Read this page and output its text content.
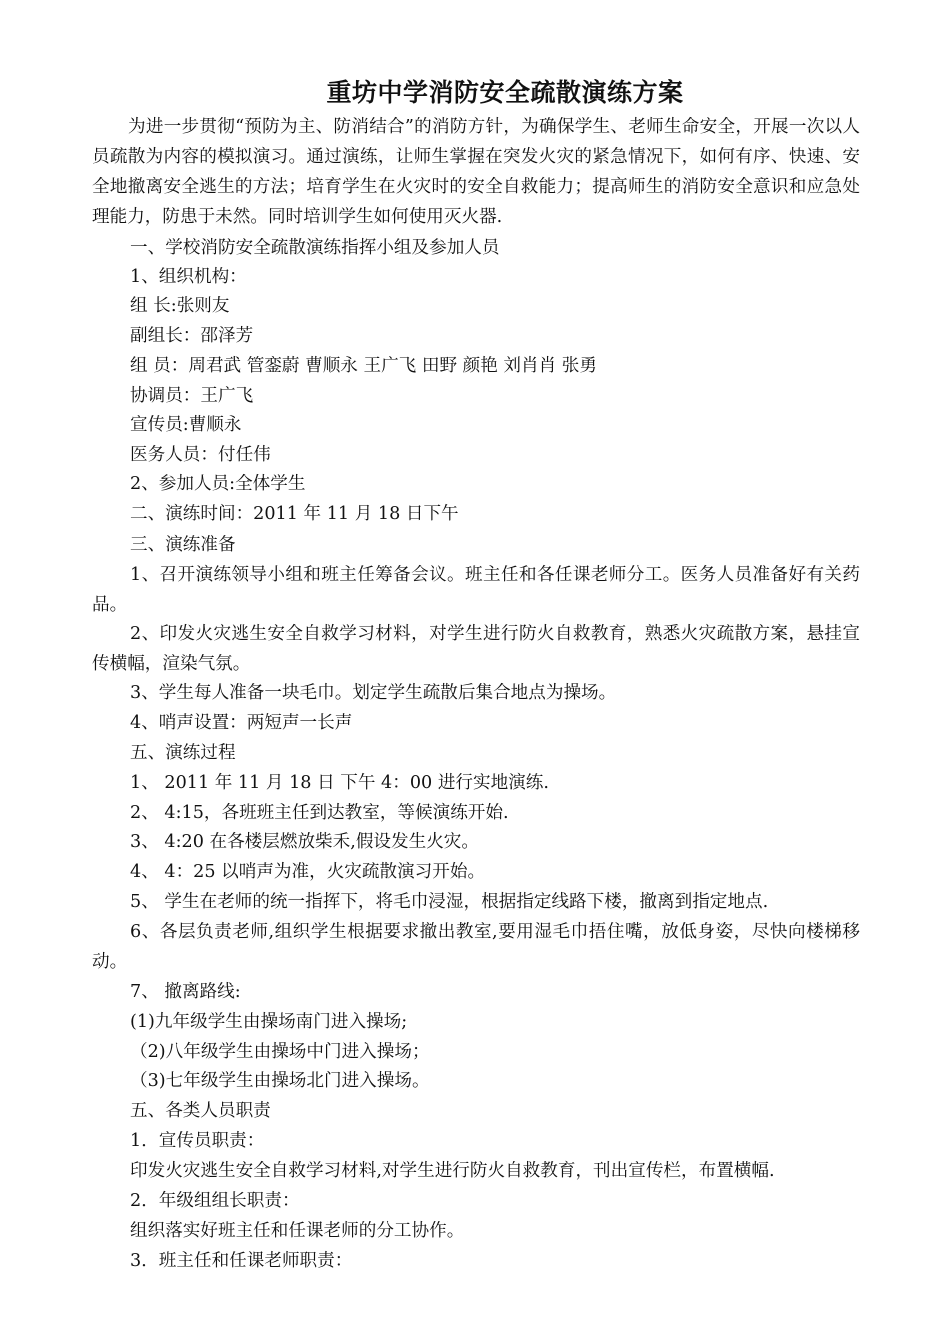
重坊中学消防安全疏散演练方案

为进一步贯彻“预防为主、防消结合”的消防方针，为确保学生、老师生命安全，开展一次以人员疏散为内容的模拟演习。通过演练，让师生掌握在突发火灾的紧急情况下，如何有序、快速、安全地撤离安全逃生的方法；培育学生在火灾时的安全自救能力；提高师生的消防安全意识和应急处理能力，防患于未然。同时培训学生如何使用灭火器.

一、学校消防安全疏散演练指挥小组及参加人员

1、组织机构：

组 长:张则友

副组长：邵泽芳

组 员：周君武 管銮蔚 曹顺永 王广飞 田野 颜艳 刘肖肖 张勇

协调员：王广飞

宣传员:曹顺永

医务人员：付任伟

2、参加人员:全体学生

二、演练时间：2011 年 11 月 18 日下午

三、演练准备

1、召开演练领导小组和班主任筹备会议。班主任和各任课老师分工。医务人员准备好有关药品。

2、印发火灾逃生安全自救学习材料，对学生进行防火自救教育，熟悉火灾疏散方案，悬挂宣传横幅，渲染气氛。

3、学生每人准备一块毛巾。划定学生疏散后集合地点为操场。

4、哨声设置：两短声一长声

五、演练过程

1、 2011 年 11 月 18 日 下午 4：00 进行实地演练.

2、 4:15，各班班主任到达教室，等候演练开始.

3、 4:20 在各楼层燃放柴禾,假设发生火灾。

4、 4：25 以哨声为准，火灾疏散演习开始。

5、 学生在老师的统一指挥下，将毛巾浸湿，根据指定线路下楼，撤离到指定地点.

6、各层负责老师,组织学生根据要求撤出教室,要用湿毛巾捂住嘴，放低身姿，尽快向楼梯移动。

7、 撤离路线:

(1)九年级学生由操场南门进入操场;

（2)八年级学生由操场中门进入操场；

（3)七年级学生由操场北门进入操场。

五、各类人员职责

1．宣传员职责：

印发火灾逃生安全自救学习材料,对学生进行防火自救教育，刊出宣传栏，布置横幅.

2．年级组组长职责：

组织落实好班主任和任课老师的分工协作。

3．班主任和任课老师职责：
